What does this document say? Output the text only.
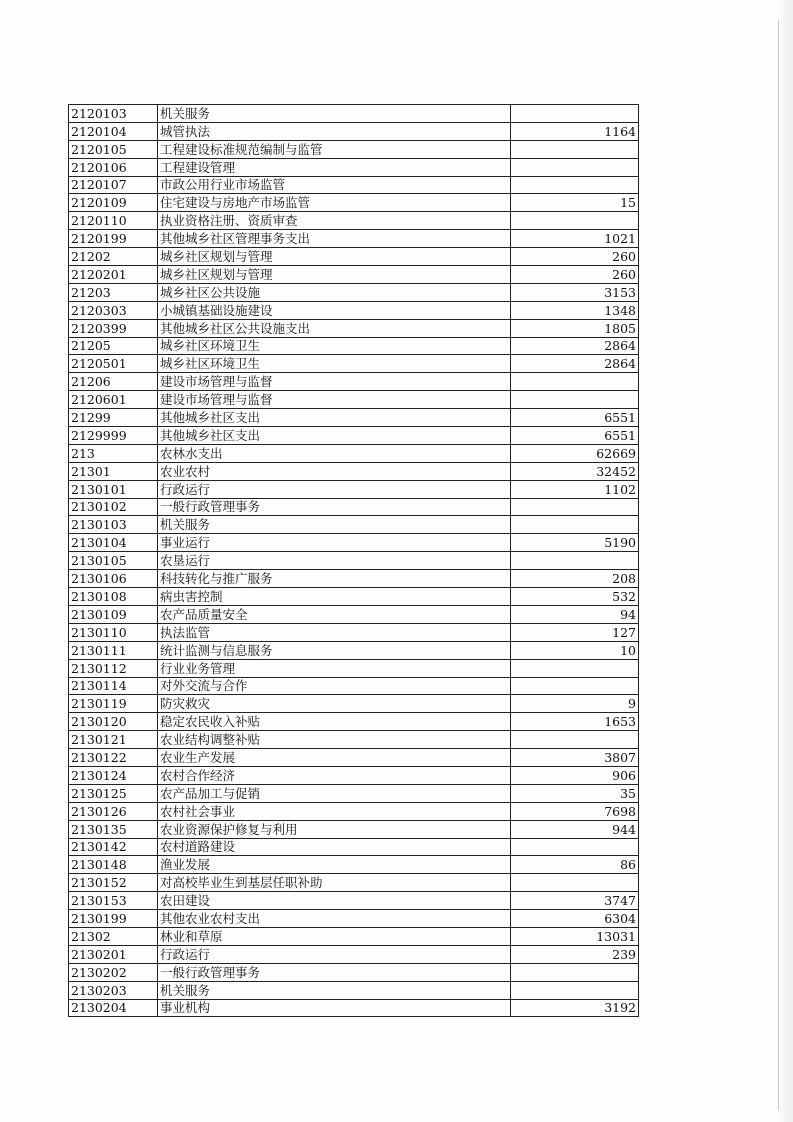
2120103	机关服务	
2120104	城管执法	1164
2120105	工程建设标准规范编制与监管	
2120106	工程建设管理	
2120107	市政公用行业市场监管	
2120109	住宅建设与房地产市场监管	15
2120110	执业资格注册、资质审查	
2120199	其他城乡社区管理事务支出	1021
21202	城乡社区规划与管理	260
2120201	城乡社区规划与管理	260
21203	城乡社区公共设施	3153
2120303	小城镇基础设施建设	1348
2120399	其他城乡社区公共设施支出	1805
21205	城乡社区环境卫生	2864
2120501	城乡社区环境卫生	2864
21206	建设市场管理与监督	
2120601	建设市场管理与监督	
21299	其他城乡社区支出	6551
2129999	其他城乡社区支出	6551
213	农林水支出	62669
21301	农业农村	32452
2130101	行政运行	1102
2130102	一般行政管理事务	
2130103	机关服务	
2130104	事业运行	5190
2130105	农垦运行	
2130106	科技转化与推广服务	208
2130108	病虫害控制	532
2130109	农产品质量安全	94
2130110	执法监管	127
2130111	统计监测与信息服务	10
2130112	行业业务管理	
2130114	对外交流与合作	
2130119	防灾救灾	9
2130120	稳定农民收入补贴	1653
2130121	农业结构调整补贴	
2130122	农业生产发展	3807
2130124	农村合作经济	906
2130125	农产品加工与促销	35
2130126	农村社会事业	7698
2130135	农业资源保护修复与利用	944
2130142	农村道路建设	
2130148	渔业发展	86
2130152	对高校毕业生到基层任职补助	
2130153	农田建设	3747
2130199	其他农业农村支出	6304
21302	林业和草原	13031
2130201	行政运行	239
2130202	一般行政管理事务	
2130203	机关服务	
2130204	事业机构	3192
